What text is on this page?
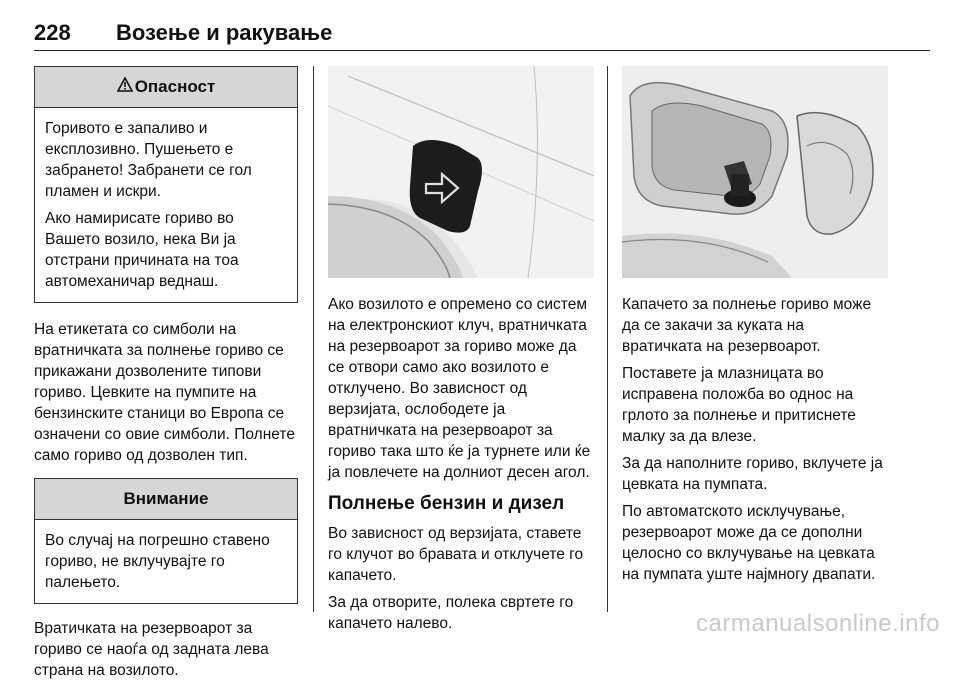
228 Возење и ракување
Опасност

Горивото е запаливо и експлозивно. Пушењето е забрането! Забранети се гол пламен и искри.

Ако намирисате гориво во Вашето возило, нека Ви ја отстрани причината на тоа автомеханичар веднаш.

На етикетата со симболи на вратничката за полнење гориво се прикажани дозволените типови гориво. Цевките на пумпите на бензинските станици во Европа се означени со овие симболи. Полнете само гориво од дозволен тип.

Внимание

Во случај на погрешно ставено гориво, не вклучувајте го палењето.

Вратичката на резервоарот за гориво се наоѓа од задната лева страна на возилото.

Ако возилото е опремено со систем на електронскиот клуч, вратничката на резервоарот за гориво може да се отвори само ако возилото е отклучено. Во зависност од верзијата, ослободете ја вратничката на резервоарот за гориво така што ќе ја турнете или ќе ја повлечете на долниот десен агол.

Полнење бензин и дизел

Во зависност од верзијата, ставете го клучот во бравата и отклучете го капачето.

За да отворите, полека свртете го капачето налево.

Капачето за полнење гориво може да се закачи за куката на вратичката на резервоарот.

Поставете ја млазницата во исправена положба во однос на грлото за полнење и притиснете малку за да влезе.

За да наполните гориво, вклучете ја цевката на пумпата.

По автоматското исклучување, резервоарот може да се дополни целосно со вклучување на цевката на пумпата уште најмногу двапати.

carmanualsonline.info
